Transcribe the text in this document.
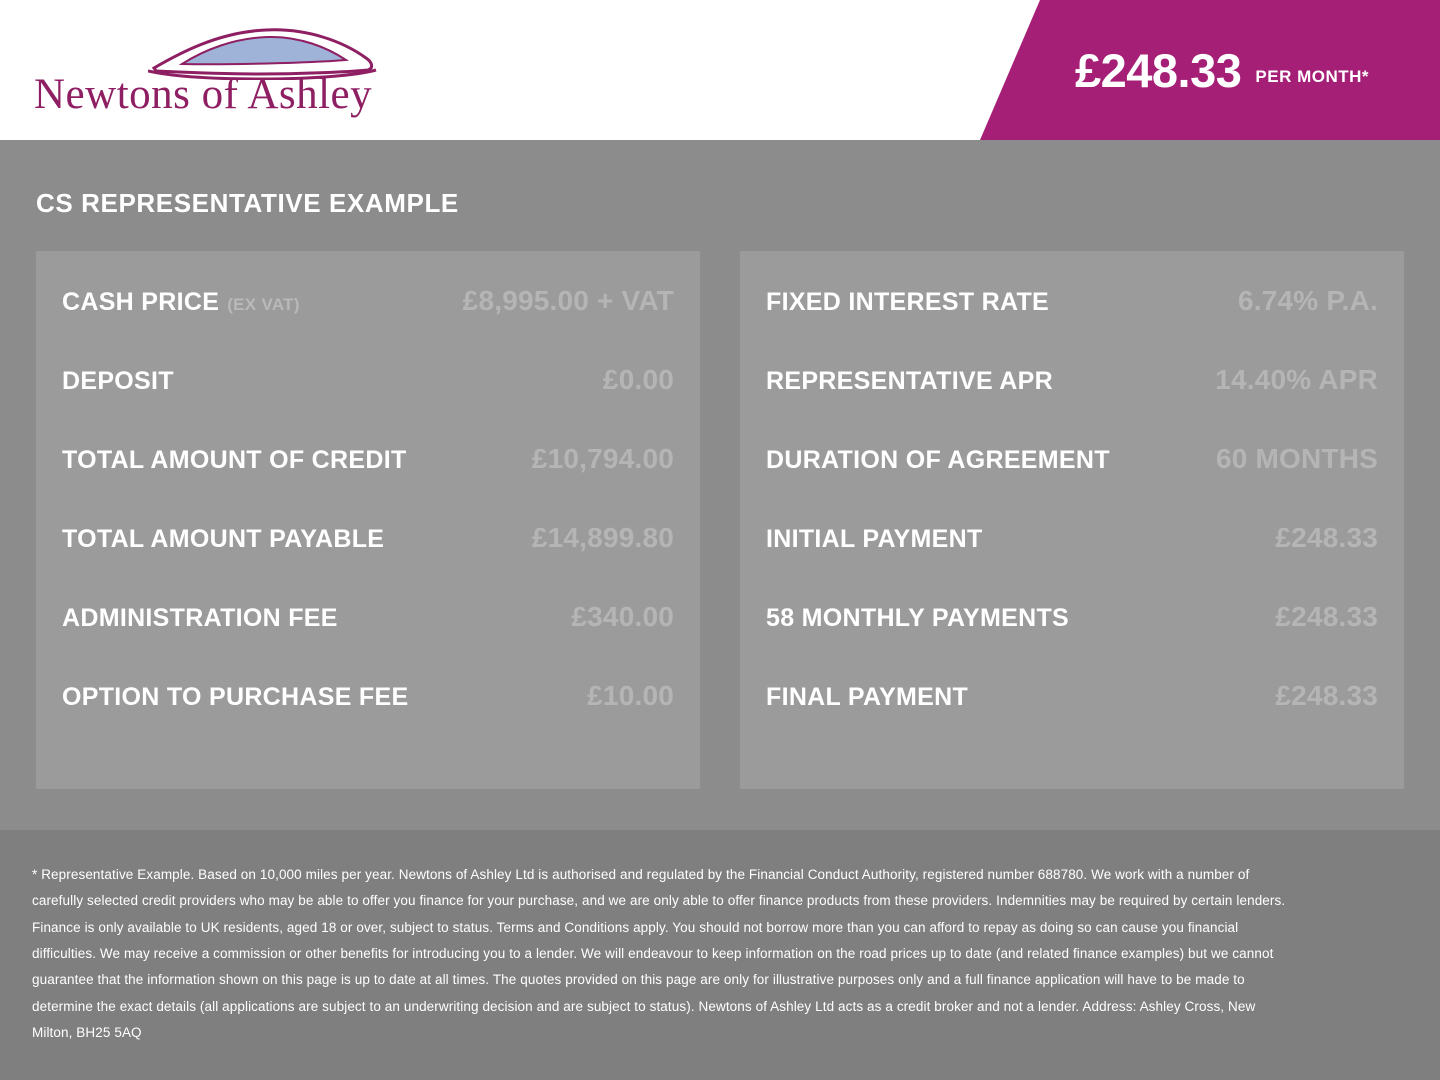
Newtons of Ashley	£248.33 PER MONTH*
CS REPRESENTATIVE EXAMPLE
CASH PRICE (EX VAT)	£8,995.00 + VAT
DEPOSIT	£0.00
TOTAL AMOUNT OF CREDIT	£10,794.00
TOTAL AMOUNT PAYABLE	£14,899.80
ADMINISTRATION FEE	£340.00
OPTION TO PURCHASE FEE	£10.00
FIXED INTEREST RATE	6.74% P.A.
REPRESENTATIVE APR	14.40% APR
DURATION OF AGREEMENT	60 MONTHS
INITIAL PAYMENT	£248.33
58 MONTHLY PAYMENTS	£248.33
FINAL PAYMENT	£248.33

* Representative Example. Based on 10,000 miles per year. Newtons of Ashley Ltd is authorised and regulated by the Financial Conduct Authority, registered number 688780. We work with a number of carefully selected credit providers who may be able to offer you finance for your purchase, and we are only able to offer finance products from these providers. Indemnities may be required by certain lenders. Finance is only available to UK residents, aged 18 or over, subject to status. Terms and Conditions apply. You should not borrow more than you can afford to repay as doing so can cause you financial difficulties. We may receive a commission or other benefits for introducing you to a lender. We will endeavour to keep information on the road prices up to date (and related finance examples) but we cannot guarantee that the information shown on this page is up to date at all times. The quotes provided on this page are only for illustrative purposes only and a full finance application will have to be made to determine the exact details (all applications are subject to an underwriting decision and are subject to status). Newtons of Ashley Ltd acts as a credit broker and not a lender. Address: Ashley Cross, New Milton, BH25 5AQ
